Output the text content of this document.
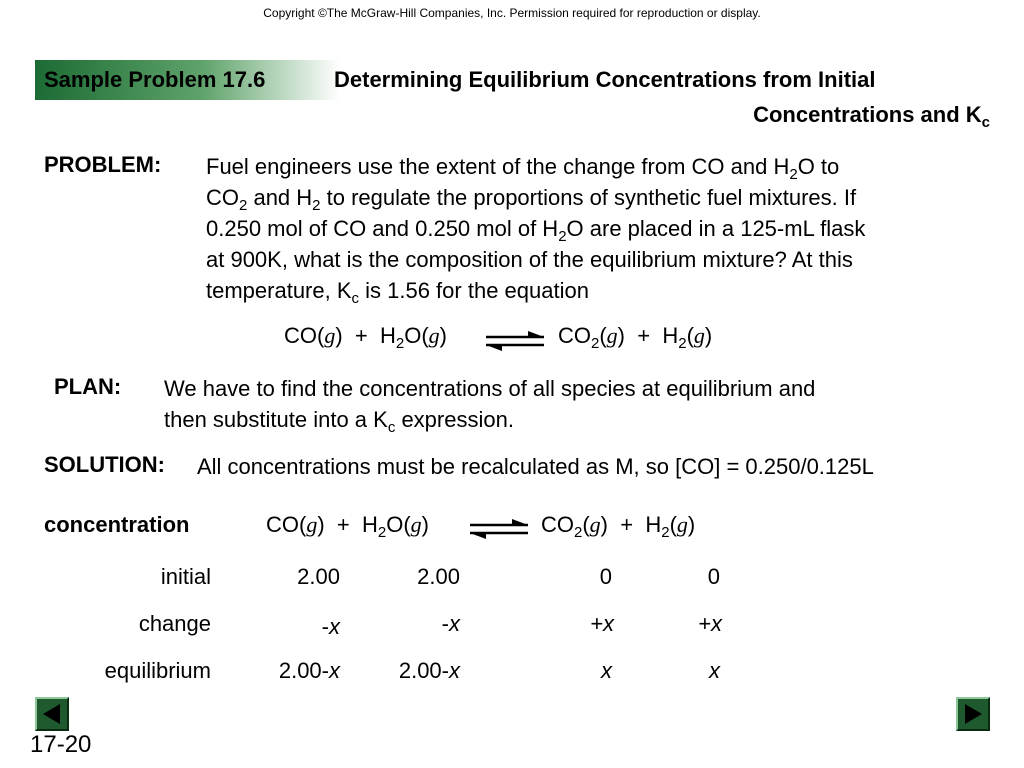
Copyright ©The McGraw-Hill Companies, Inc. Permission required for reproduction or display.
Sample Problem 17.6	Determining Equilibrium Concentrations from Initial
Concentrations and $K_c$
PROBLEM: Fuel engineers use the extent of the change from CO and $H_2O$ to
$CO_2$ and $H_2$ to regulate the proportions of synthetic fuel mixtures. If
0.250 mol of CO and 0.250 mol of $H_2O$ are placed in a 125-mL flask
at 900K, what is the composition of the equilibrium mixture? At this
temperature, $K_c$ is 1.56 for the equation
$CO(g) + H_2O(g)$ ⇌ $CO_2(g) + H_2(g)$
PLAN: We have to find the concentrations of all species at equilibrium and
then substitute into a $K_c$ expression.
SOLUTION: All concentrations must be recalculated as M, so [CO] = 0.250/0.125L
concentration	$CO(g) + H_2O(g)$	$CO_2(g) + H_2(g)$
initial	2.00	2.00	0	0
change	-x	-x	+x	+x
equilibrium	2.00-x	2.00-x	x	x
17-20
